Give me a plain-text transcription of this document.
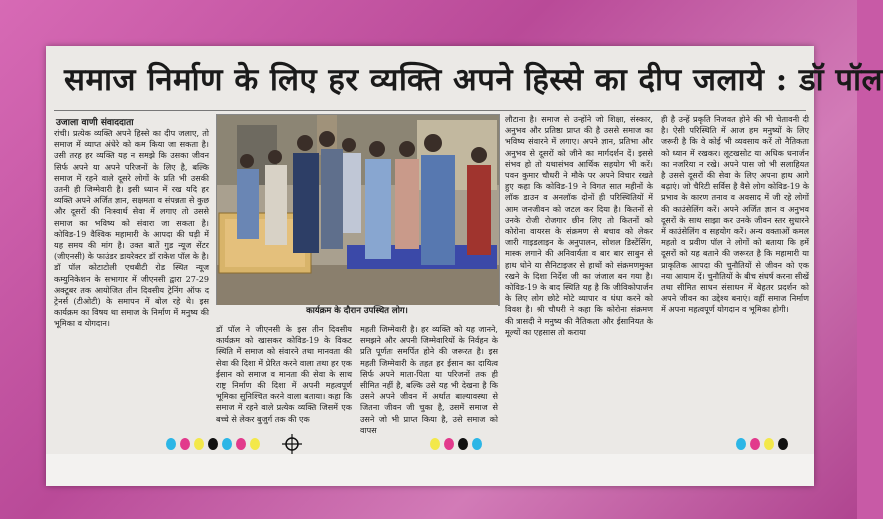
समाज निर्माण के लिए हर व्यक्ति अपने हिस्से का दीप जलाये : डॉ पॉल
उजाला वाणी संवाददाता
रांची। प्रत्येक व्यक्ति अपने हिस्से का दीप जलाए, तो समाज में व्याप्त अंधेरे को कम किया जा सकता है। उसी तरह हर व्यक्ति यह न समझे कि उसका जीवन सिर्फ अपने या अपने परिजनों के लिए है, बल्कि समाज में रहने वाले दूसरे लोगों के प्रति भी उसकी उतनी ही जिम्मेवारी है। इसी ध्यान में रख यदि हर व्यक्ति अपने अर्जित ज्ञान, सक्षमता व संपन्नता से कुछ और दूसरों की निःस्वार्थ सेवा में लगाए तो उससे समाज का भविष्य को संवारा जा सकता है। कोविड-19 वैश्विक महामारी के आपदा की घड़ी में यह समय की मांग है। उक्त बातें गुड न्यूज सेंटर (जीएनसी) के फाउंडर डायरेक्टर डॉ राकेश पॉल के है। डॉ पॉल कोटाटोली एचबीटी रोड स्थित न्यूज कम्युनिकेशन के सभागार में जीएनसी द्वारा 27-29 अक्टूबर तक आयोजित तीन दिवसीय ट्रेनिंग ऑफ द ट्रेनर्स (टीओटी) के समापन में बोल रहे थे। इस कार्यक्रम का विषय था समाज के निर्माण में मनुष्य की भूमिका व योगदान।
कार्यक्रम के दौरान उपस्थित लोग।
डॉ पॉल ने जीएनसी के इस तीन दिवसीय कार्यक्रम को खासकर कोविड-19 के विकट स्थिति में समाज को संवारने तथा मानवता की सेवा की दिशा में प्रेरित करने वाला तथा हर एक ईसान को समाज व मानता की सेवा के साथ राष्ट्र निर्माण की दिशा में अपनी महत्वपूर्ण भूमिका सुनिश्चित करने वाला बताया। कहा कि समाज में रहने वाले प्रत्येक व्यक्ति जिसमें एक बच्चे से लेकर बुजुर्ग तक की एक
महती जिम्मेवारी है। हर व्यक्ति को यह जानने, समझने और अपनी जिम्मेवारियों के निर्वहन के प्रति पूर्णतः समर्पित होने की जरूरत है। इस महती जिम्मेवारी के तहत हर ईसान का दायित्व सिर्फ अपने माता-पिता या परिजनों तक ही सीमित नहीं है, बल्कि उसे यह भी देखना है कि उसने अपने जीवन में अर्थात बाल्यावस्था से जितना जीवन जी चुका है, उसमें समाज से उसने जो भी प्राप्त किया है, उसे समाज को वापस
लौटाना है। समाज से उन्होंने जो शिक्षा, संस्कार, अनुभव और प्रतिष्ठा प्राप्त की है उससे समाज का भविष्य संवारने में लगाए। अपने ज्ञान, प्रतिभा और अनुभव से दूसरों को जीने का मार्गदर्शन दें। इससे संभव हो तो यथासंभव आर्थिक सहयोग भी करें। पवन कुमार चौधरी ने मौके पर अपने विचार रखते हुए कहा कि कोविड-19 ने विगत सात महीनों के लॉक डाउन व अनलॉक दोनों ही परिस्थितियों में आम जनजीवन को जटल कर दिया है। कितनों से उनके रोजी रोजगार छीन लिए तो कितनों को कोरोना वायरस के संक्रमण से बचाव को लेकर जारी गाइडलाइन के अनुपालन, सोशल डिस्टेंसिंग, मास्क लगाने की अनिवार्यता व बार बार साबुन से हाथ धोने या सैनिटाइजर से हाथों को संक्रमणमुक्त रखने के दिशा निर्देश जी का जंजाल बन गया है। कोविड-19 के बाद स्थिति यह है कि जीविकोपार्जन के लिए लोग छोटे मोटे व्यापार व धंधा करने को विवश है। श्री चौधरी ने कहा कि कोरोना संक्रमण की त्रासदी ने मनुष्य की नैतिकता और ईसानियत के मूल्यों का एहसास तो कराया
ही है उन्हें प्रकृति निजवत होने की भी चेतावनी दी है। ऐसी परिस्थिति में आज हम मनुष्यों के लिए जरूरी है कि वे कोई भी व्यवसाय करें तो नैतिकता को ध्यान में रखकर। लूटखसोट या अधिक धनार्जन का नजरिया न रखे। अपने पास जो भी सलाहियत है उससे दूसरों की सेवा के लिए अपना हाथ आगे बढ़ाएं। जो चैरिटी सर्विस है वैसे लोग कोविड-19 के प्रभाव के कारण तनाव व अवसाद में जी रहे लोगों की काउंसेलिंग करें। अपने अर्जित ज्ञान व अनुभव दूसरों के साथ साझा कर उनके जीवन स्तर सुधारने में काउंसेलिंग व सहयोग करें। अन्य वक्ताओं कमल महतो व प्रवीण पॉल ने लोगों को बताया कि हमें दूसरों को यह बताने की जरूरत है कि महामारी या प्राकृतिक आपदा की चुनौतियों से जीवन को एक नया आयाम दें। चुनौतियों के बीच संघर्ष करना सीखें तथा सीमित साधन संसाधन में बेहतर प्रदर्शन को अपने जीवन का उद्देश्य बनाएं। वहीं समाज निर्माण में अपना महत्वपूर्ण योगदान व भूमिका होगी।
